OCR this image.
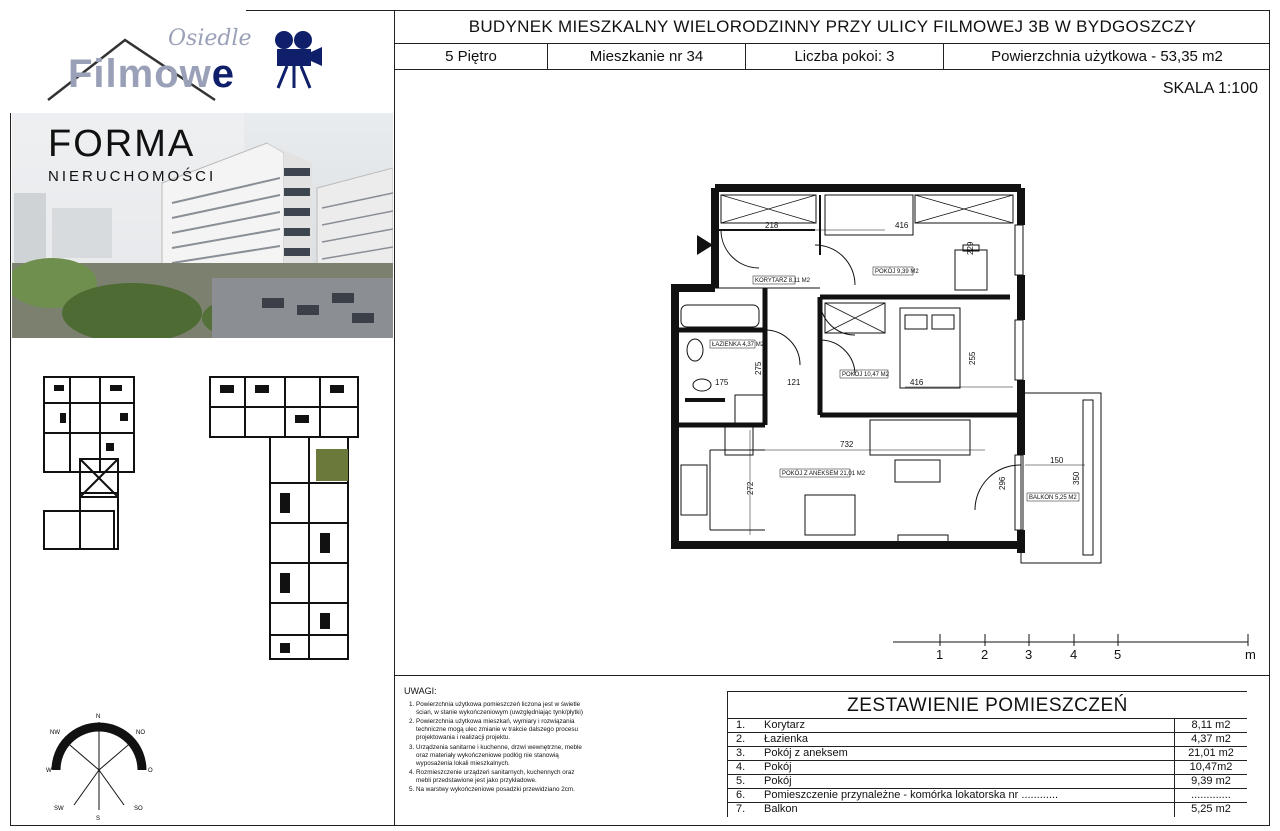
Osiedle
Filmowe
FORMA
NIERUCHOMOŚCI
N
NO
O
SO
S
SW
W
NW
BUDYNEK MIESZKALNY WIELORODZINNY PRZY ULICY FILMOWEJ 3B W BYDGOSZCZY
5 Piętro	Mieszkanie nr 34	Liczba pokoi: 3	Powierzchnia użytkowa - 53,35 m2
SKALA 1:100
UWAGI:
1. Powierzchnia użytkowa pomieszczeń liczona jest w świetle ścian, w stanie wykończeniowym (uwzględniając tynk/płytki)
2. Powierzchnia użytkowa mieszkań, wymiary i rozwiązania techniczne mogą ulec zmianie w trakcie dalszego procesu projektowania i realizacji projektu.
3. Urządzenia sanitarne i kuchenne, drzwi wewnętrzne, meble oraz materiały wykończeniowe podłóg nie stanowią wyposażenia lokali mieszkalnych.
4. Rozmieszczenie urządzeń sanitarnych, kuchennych oraz mebli przedstawione jest jako przykładowe.
5. Na warstwy wykończeniowe posadzki przewidziano 2cm.
ZESTAWIENIE POMIESZCZEŃ
1.	Korytarz	8,11 m2
2.	Łazienka	4,37 m2
3.	Pokój z aneksem	21,01 m2
4.	Pokój	10,47m2
5.	Pokój	9,39 m2
6.	Pomieszczenie przynależne - komórka lokatorska nr ............	.............
7.	Balkon	5,25 m2
KORYTARZ 8,11 M2
POKÓJ 9,39 M2
ŁAZIENKA 4,37 M2
POKÓJ 10,47 M2
POKÓJ Z ANEKSEM 21,01 M2
BALKON 5,25 M2
218	416
229
275
175	121	416
255
732
150
350
296
272
1	2	3	4	5	m
